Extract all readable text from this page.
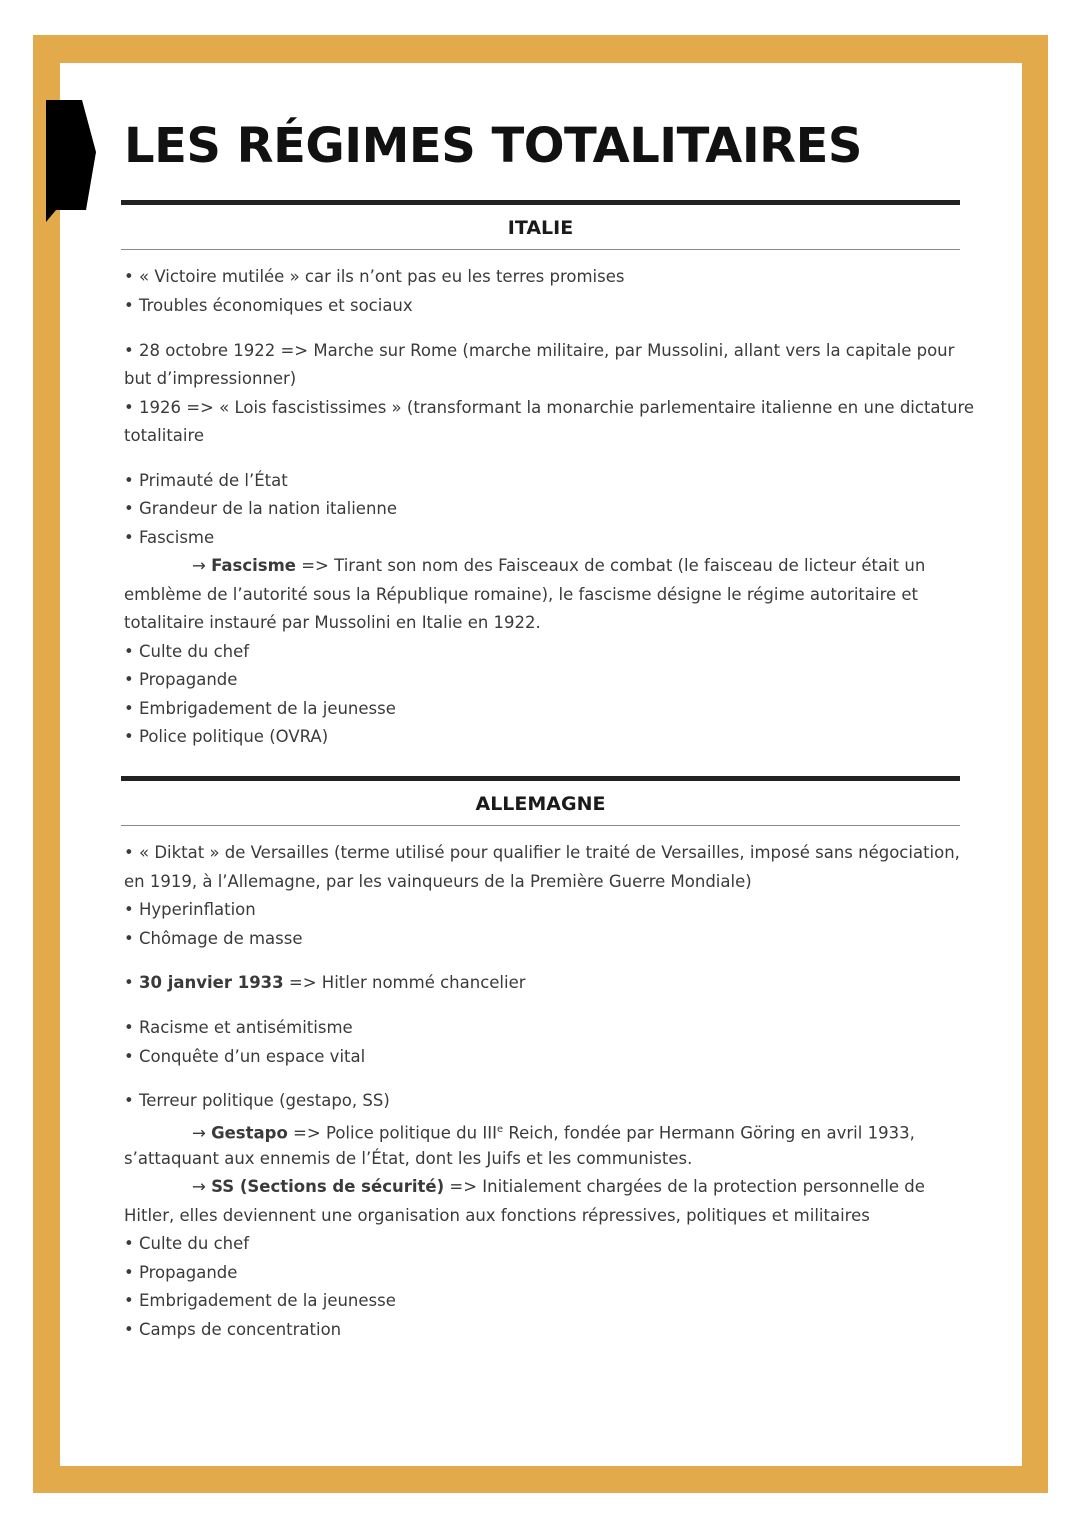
LES RÉGIMES TOTALITAIRES
ITALIE

• « Victoire mutilée » car ils n’ont pas eu les terres promises

• Troubles économiques et sociaux

• 28 octobre 1922 => Marche sur Rome (marche militaire, par Mussolini, allant vers la capitale pour

but d’impressionner)

• 1926 => « Lois fascistissimes » (transformant la monarchie parlementaire italienne en une dictature

totalitaire

• Primauté de l’État

• Grandeur de la nation italienne

• Fascisme

→ Fascisme => Tirant son nom des Faisceaux de combat (le faisceau de licteur était un

emblème de l’autorité sous la République romaine), le fascisme désigne le régime autoritaire et

totalitaire instauré par Mussolini en Italie en 1922.

• Culte du chef

• Propagande

• Embrigadement de la jeunesse

• Police politique (OVRA)

ALLEMAGNE

• « Diktat » de Versailles (terme utilisé pour qualifier le traité de Versailles, imposé sans négociation,

en 1919, à l’Allemagne, par les vainqueurs de la Première Guerre Mondiale)

• Hyperinflation

• Chômage de masse

• 30 janvier 1933 => Hitler nommé chancelier

• Racisme et antisémitisme

• Conquête d’un espace vital

• Terreur politique (gestapo, SS)

→ Gestapo => Police politique du IIIe Reich, fondée par Hermann Göring en avril 1933,

s’attaquant aux ennemis de l’État, dont les Juifs et les communistes.

→ SS (Sections de sécurité) => Initialement chargées de la protection personnelle de

Hitler, elles deviennent une organisation aux fonctions répressives, politiques et militaires

• Culte du chef

• Propagande

• Embrigadement de la jeunesse

• Camps de concentration
